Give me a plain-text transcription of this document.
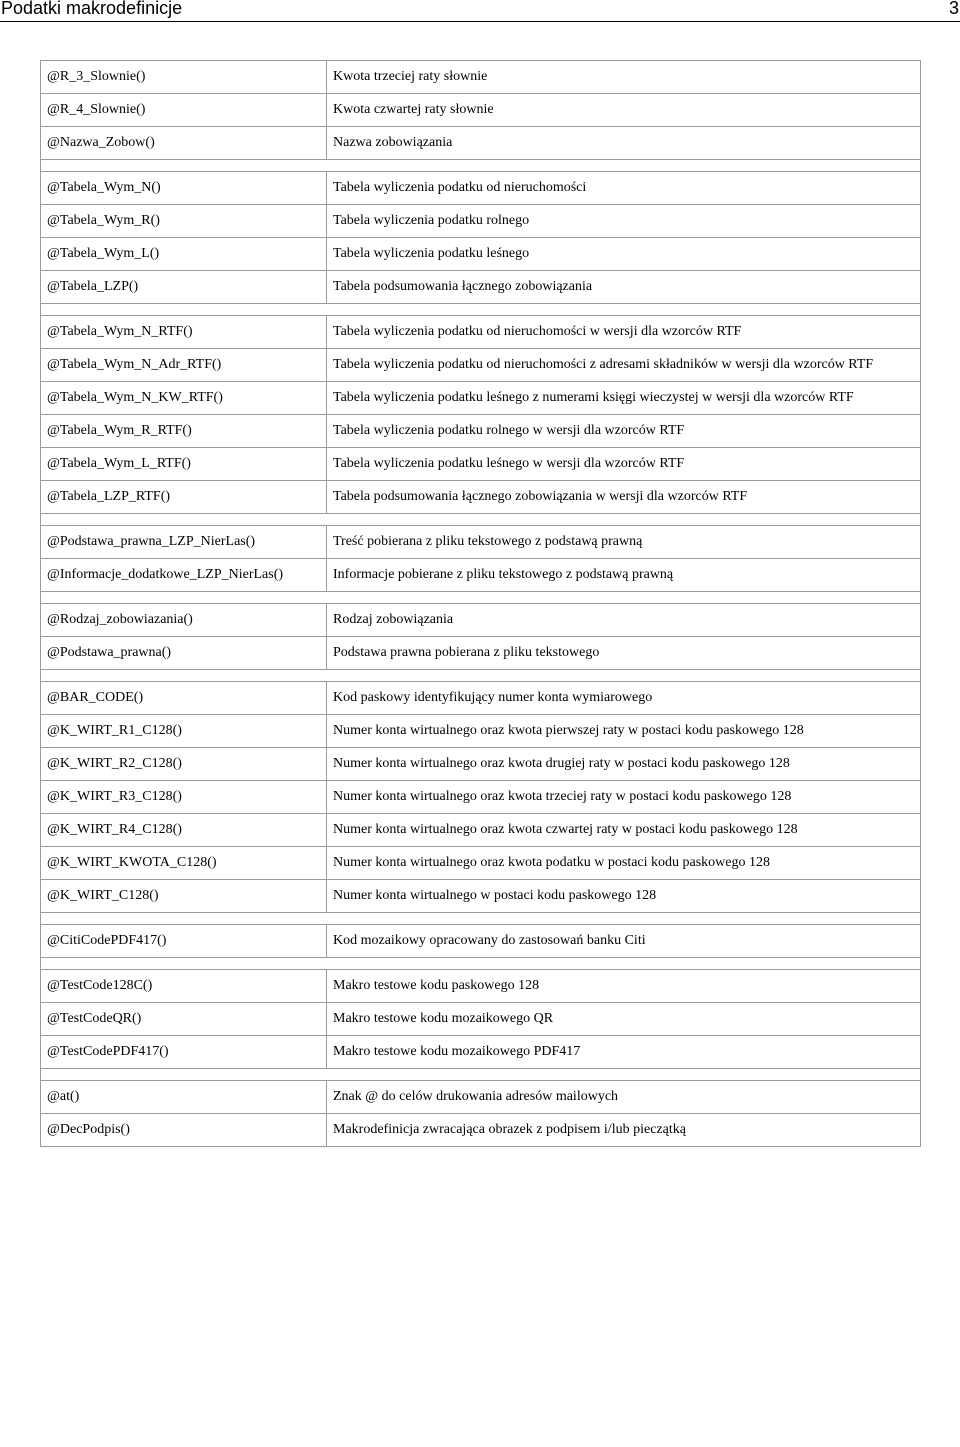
Podatki makrodefinicje	3
@R_3_Slownie()	Kwota trzeciej raty słownie
@R_4_Slownie()	Kwota czwartej raty słownie
@Nazwa_Zobow()	Nazwa zobowiązania

@Tabela_Wym_N()	Tabela wyliczenia podatku od nieruchomości
@Tabela_Wym_R()	Tabela wyliczenia podatku rolnego
@Tabela_Wym_L()	Tabela wyliczenia podatku leśnego
@Tabela_LZP()	Tabela podsumowania łącznego zobowiązania

@Tabela_Wym_N_RTF()	Tabela wyliczenia podatku od nieruchomości w wersji dla wzorców RTF
@Tabela_Wym_N_Adr_RTF()	Tabela wyliczenia podatku od nieruchomości z adresami składników w wersji dla wzorców RTF
@Tabela_Wym_N_KW_RTF()	Tabela wyliczenia podatku leśnego z numerami księgi wieczystej w wersji dla wzorców RTF
@Tabela_Wym_R_RTF()	Tabela wyliczenia podatku rolnego w wersji dla wzorców RTF
@Tabela_Wym_L_RTF()	Tabela wyliczenia podatku leśnego w wersji dla wzorców RTF
@Tabela_LZP_RTF()	Tabela podsumowania łącznego zobowiązania w wersji dla wzorców RTF

@Podstawa_prawna_LZP_NierLas()	Treść pobierana z pliku tekstowego z podstawą prawną
@Informacje_dodatkowe_LZP_NierLas()	Informacje pobierane z pliku tekstowego z podstawą prawną

@Rodzaj_zobowiazania()	Rodzaj zobowiązania
@Podstawa_prawna()	Podstawa prawna pobierana z pliku tekstowego

@BAR_CODE()	Kod paskowy identyfikujący numer konta wymiarowego
@K_WIRT_R1_C128()	Numer konta wirtualnego oraz kwota pierwszej raty w postaci kodu paskowego 128
@K_WIRT_R2_C128()	Numer konta wirtualnego oraz kwota drugiej raty w postaci kodu paskowego 128
@K_WIRT_R3_C128()	Numer konta wirtualnego oraz kwota trzeciej raty w postaci kodu paskowego 128
@K_WIRT_R4_C128()	Numer konta wirtualnego oraz kwota czwartej raty w postaci kodu paskowego 128
@K_WIRT_KWOTA_C128()	Numer konta wirtualnego oraz kwota podatku w postaci kodu paskowego 128
@K_WIRT_C128()	Numer konta wirtualnego w postaci kodu paskowego 128

@CitiCodePDF417()	Kod mozaikowy opracowany do zastosowań banku Citi

@TestCode128C()	Makro testowe kodu paskowego 128
@TestCodeQR()	Makro testowe kodu mozaikowego QR
@TestCodePDF417()	Makro testowe kodu mozaikowego PDF417

@at()	Znak @ do celów drukowania adresów mailowych
@DecPodpis()	Makrodefinicja zwracająca obrazek z podpisem i/lub pieczątką
